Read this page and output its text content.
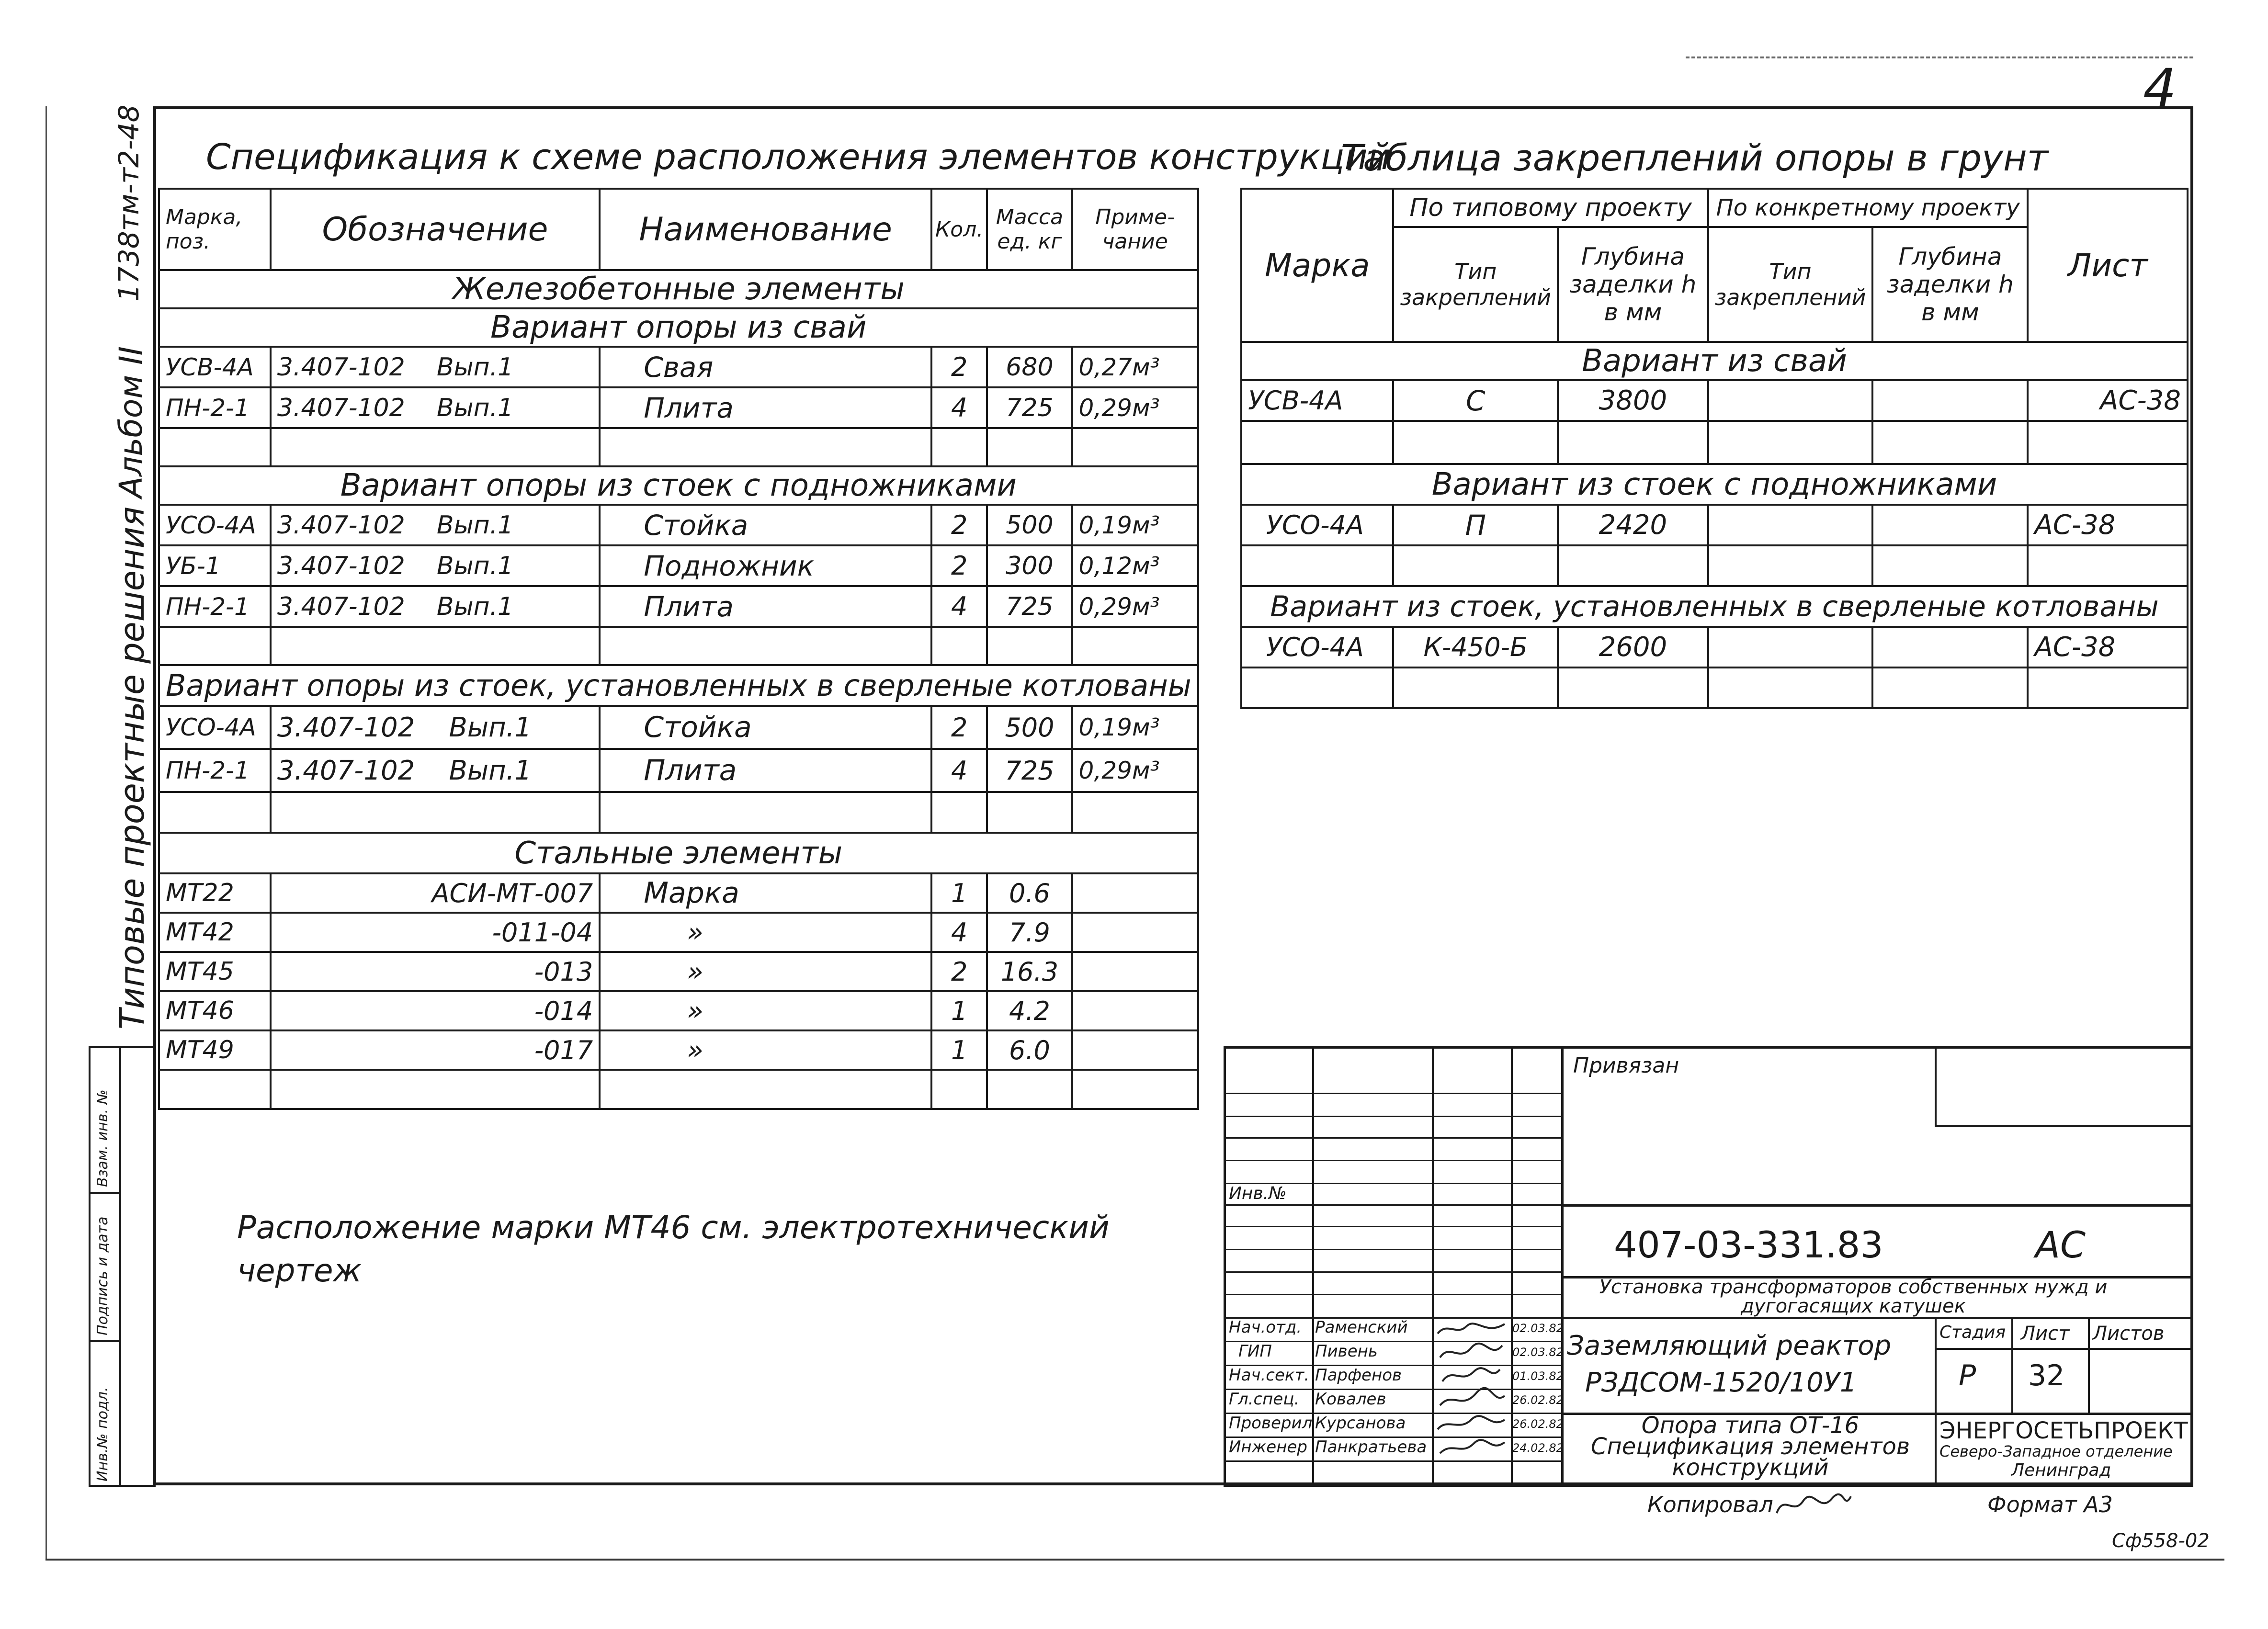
4
1738тм-т2-48
Альбом II
Типовые проектные решения
Инв.№ подл.
Подпись и дата
Взам. инв. №
Спецификация к схеме расположения элементов конструкций
Марка, поз.	Обозначение	Наименование	Кол.	Масса ед. кг	Приме-чание
Железобетонные элементы					
Вариант опоры из свай					
УСВ-4А	3.407-102 Вып.1	Свая	2	680	0,27м³
ПН-2-1	3.407-102 Вып.1	Плита	4	725	0,29м³

Вариант опоры из стоек с подножниками					
УСО-4А	3.407-102 Вып.1	Стойка	2	500	0,19м³
УБ-1	3.407-102 Вып.1	Подножник	2	300	0,12м³
ПН-2-1	3.407-102 Вып.1	Плита	4	725	0,29м³

Вариант опоры из стоек, установленных в сверленые котлованы					
УСО-4А	3.407-102 Вып.1	Стойка	2	500	0,19м³
ПН-2-1	3.407-102 Вып.1	Плита	4	725	0,29м³

Стальные элементы					
МТ22	АСИ-МТ-007	Марка	1	0.6	
МТ42	-011-04	»	4	7.9	
МТ45	-013	»	2	16.3	
МТ46	-014	»	1	4.2	
МТ49	-017	»	1	6.0	

Таблица закреплений опоры в грунт
Марка	По типовому проекту		По конкретному проекту		Лист
	Тип закреплений	Глубина заделки h в мм	Тип закреплений	Глубина заделки h в мм	
Вариант из свай					
УСВ-4А	С	3800			АС-38

Вариант из стоек с подножниками					
УСО-4А	П	2420			АС-38

Вариант из стоек, установленных в сверленые котлованы					
УСО-4А	К-450-Б	2600			АС-38

Расположение марки МТ46 см. электротехнический
чертеж
Инв.№
Нач.отд. Раменский	02.03.82
ГИП	Пивень	02.03.82
Нач.сект. Парфенов	01.03.82
Гл.спец. Ковалев	26.02.82
Проверил Курсанова	26.02.82
Инженер Панкратьева	24.02.82
Привязан
407-03-331.83	АС
Установка трансформаторов собственных нужд и дугогасящих катушек
Заземляющий реактор
РЗДСОМ-1520/10У1
Стадия Лист Листов
Р 32
Опора типа ОТ-16 Спецификация элементов конструкций
ЭНЕРГОСЕТЬПРОЕКТ
Северо-Западное отделение
Ленинград
Копировал	Формат А3
Сф558-02
